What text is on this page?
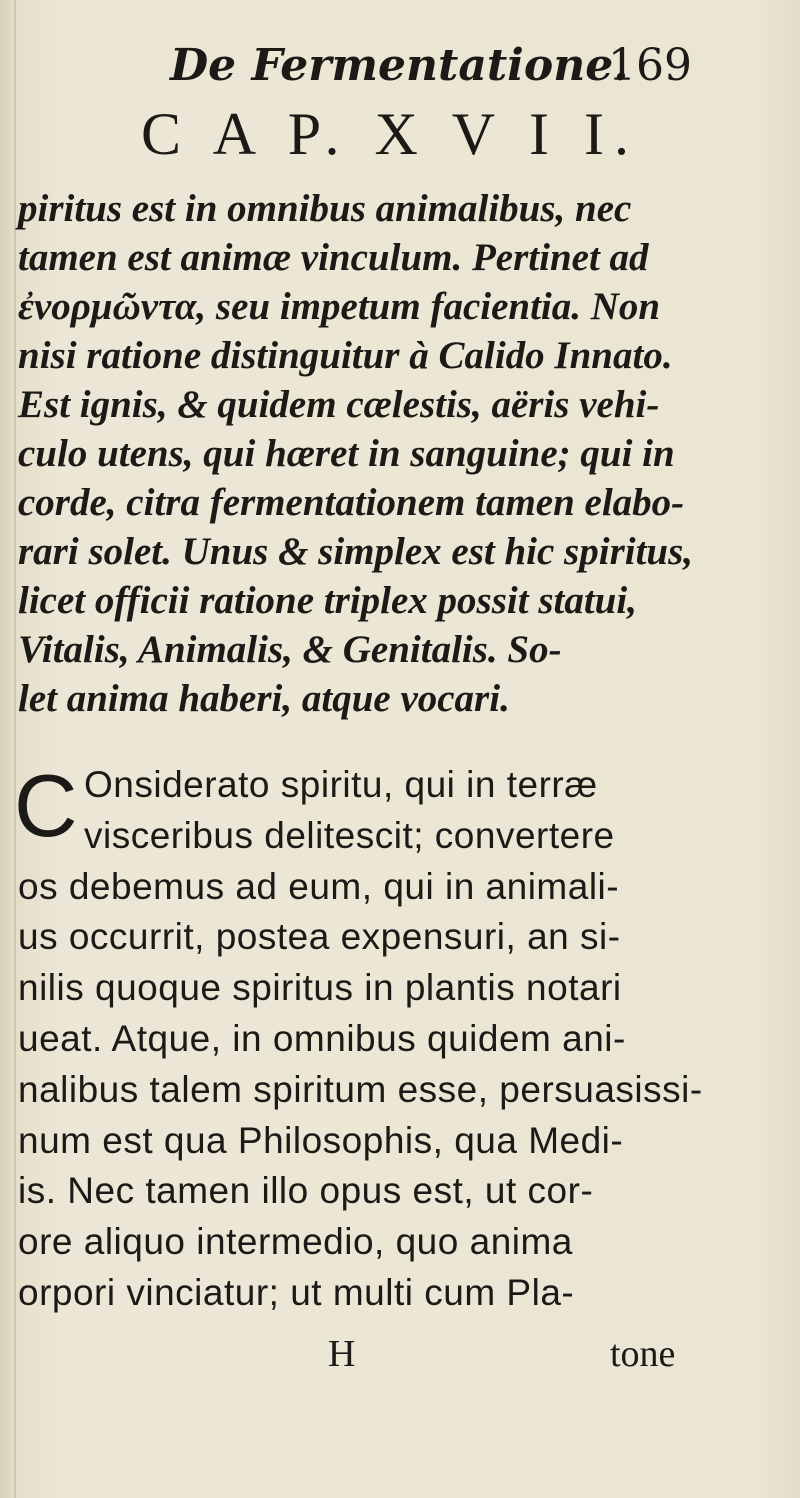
De Fermentatione.
169
C A P. X V I I.
piritus est in omnibus animalibus, nec
tamen est animæ vinculum. Pertinet ad
ἐνορμῶντα, seu impetum facientia. Non
nisi ratione distinguitur à Calido Innato.
Est ignis, & quidem cælestis, aëris vehi-
culo utens, qui hæret in sanguine; qui in
corde, citra fermentationem tamen elabo-
rari solet. Unus & simplex est hic spiritus,
licet officii ratione triplex possit statui,
Vitalis, Animalis, & Genitalis. So-
let anima haberi, atque vocari.
C Onsiderato spiritu, qui in terræ
visceribus delitescit; convertere
os debemus ad eum, qui in animali-
us occurrit, postea expensuri, an si-
nilis quoque spiritus in plantis notari
ueat. Atque, in omnibus quidem ani-
nalibus talem spiritum esse, persuasissi-
num est qua Philosophis, qua Medi-
is. Nec tamen illo opus est, ut cor-
ore aliquo intermedio, quo anima
orpori vinciatur; ut multi cum Pla-
H	tone
